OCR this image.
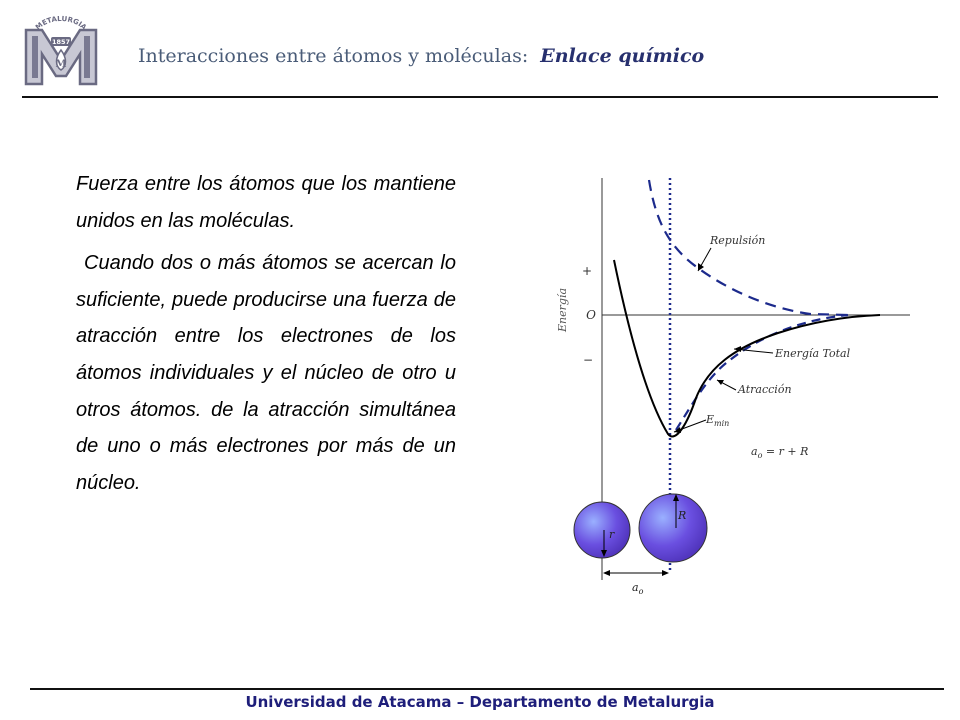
METALURGIA
1857
M	Interacciones entre átomos y moléculas: Enlace químico

Fuerza entre los átomos que los mantiene unidos en las moléculas.

Cuando dos o más átomos se acercan lo suficiente, puede producirse una fuerza de atracción entre los electrones de los átomos individuales y el núcleo de otro u otros átomos. de la atracción simultánea de uno o más electrones por más de un núcleo.

Energía
+
O
−
Repulsión
Energía Total
Atracción
$E_{min}$
$a_o = r + R$
r
R
$a_o$
Universidad de Atacama – Departamento de Metalurgia
